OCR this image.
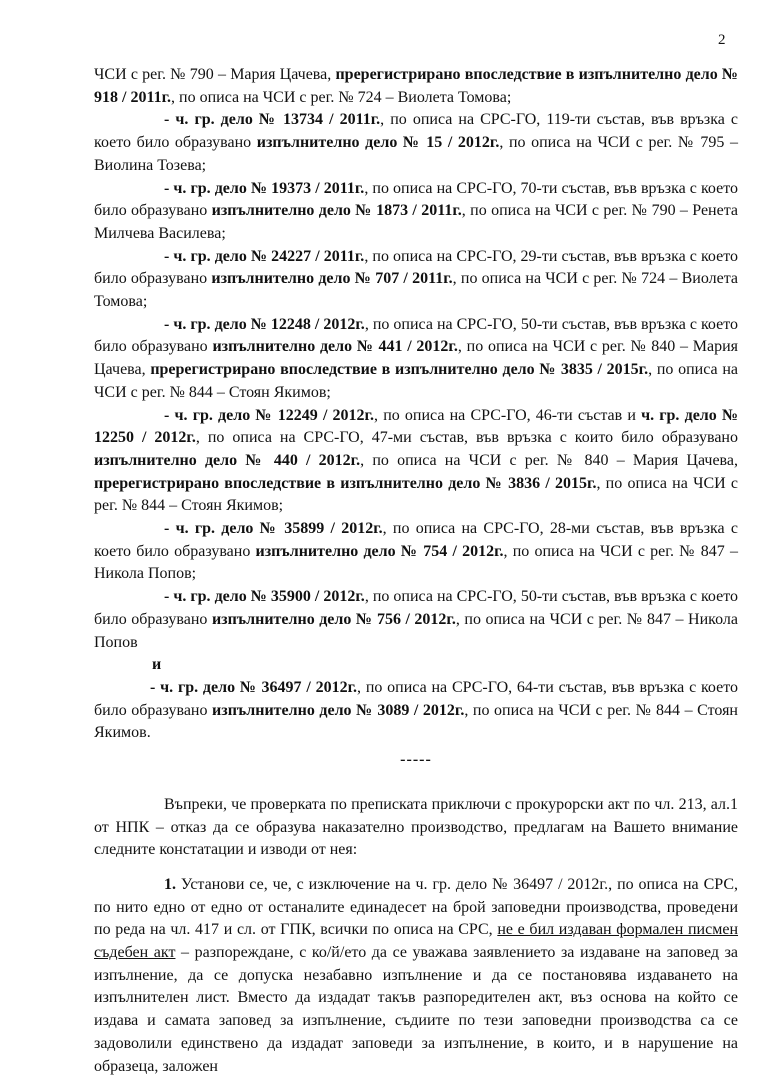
2

ЧСИ с рег. № 790 – Мария Цачева, пререгистрирано впоследствие в изпълнително дело № 918 / 2011г., по описа на ЧСИ с рег. № 724 – Виолета Томова;

- ч. гр. дело № 13734 / 2011г., по описа на СРС-ГО, 119-ти състав, във връзка с което било образувано изпълнително дело № 15 / 2012г., по описа на ЧСИ с рег. № 795 – Виолина Тозева;

- ч. гр. дело № 19373 / 2011г., по описа на СРС-ГО, 70-ти състав, във връзка с което било образувано изпълнително дело № 1873 / 2011г., по описа на ЧСИ с рег. № 790 – Ренета Милчева Василева;

- ч. гр. дело № 24227 / 2011г., по описа на СРС-ГО, 29-ти състав, във връзка с което било образувано изпълнително дело № 707 / 2011г., по описа на ЧСИ с рег. № 724 – Виолета Томова;

- ч. гр. дело № 12248 / 2012г., по описа на СРС-ГО, 50-ти състав, във връзка с което било образувано изпълнително дело № 441 / 2012г., по описа на ЧСИ с рег. № 840 – Мария Цачева, пререгистрирано впоследствие в изпълнително дело № 3835 / 2015г., по описа на ЧСИ с рег. № 844 – Стоян Якимов;

- ч. гр. дело № 12249 / 2012г., по описа на СРС-ГО, 46-ти състав и ч. гр. дело № 12250 / 2012г., по описа на СРС-ГО, 47-ми състав, във връзка с които било образувано изпълнително дело № 440 / 2012г., по описа на ЧСИ с рег. № 840 – Мария Цачева, пререгистрирано впоследствие в изпълнително дело № 3836 / 2015г., по описа на ЧСИ с рег. № 844 – Стоян Якимов;

- ч. гр. дело № 35899 / 2012г., по описа на СРС-ГО, 28-ми състав, във връзка с което било образувано изпълнително дело № 754 / 2012г., по описа на ЧСИ с рег. № 847 – Никола Попов;

- ч. гр. дело № 35900 / 2012г., по описа на СРС-ГО, 50-ти състав, във връзка с което било образувано изпълнително дело № 756 / 2012г., по описа на ЧСИ с рег. № 847 – Никола Попов

и

- ч. гр. дело № 36497 / 2012г., по описа на СРС-ГО, 64-ти състав, във връзка с което било образувано изпълнително дело № 3089 / 2012г., по описа на ЧСИ с рег. № 844 – Стоян Якимов.

-----

Въпреки, че проверката по преписката приключи с прокурорски акт по чл. 213, ал.1 от НПК – отказ да се образува наказателно производство, предлагам на Вашето внимание следните констатации и изводи от нея:

1. Установи се, че, с изключение на ч. гр. дело № 36497 / 2012г., по описа на СРС, по нито едно от едно от останалите единадесет на брой заповедни производства, проведени по реда на чл. 417 и сл. от ГПК, всички по описа на СРС, не е бил издаван формален писмен съдебен акт – разпореждане, с ко/й/ето да се уважава заявлението за издаване на заповед за изпълнение, да се допуска незабавно изпълнение и да се постановява издаването на изпълнителен лист. Вместо да издадат такъв разпоредителен акт, въз основа на който се издава и самата заповед за изпълнение, съдиите по тези заповедни производства са се задоволили единствено да издадат заповеди за изпълнение, в които, и в нарушение на образеца, заложен
